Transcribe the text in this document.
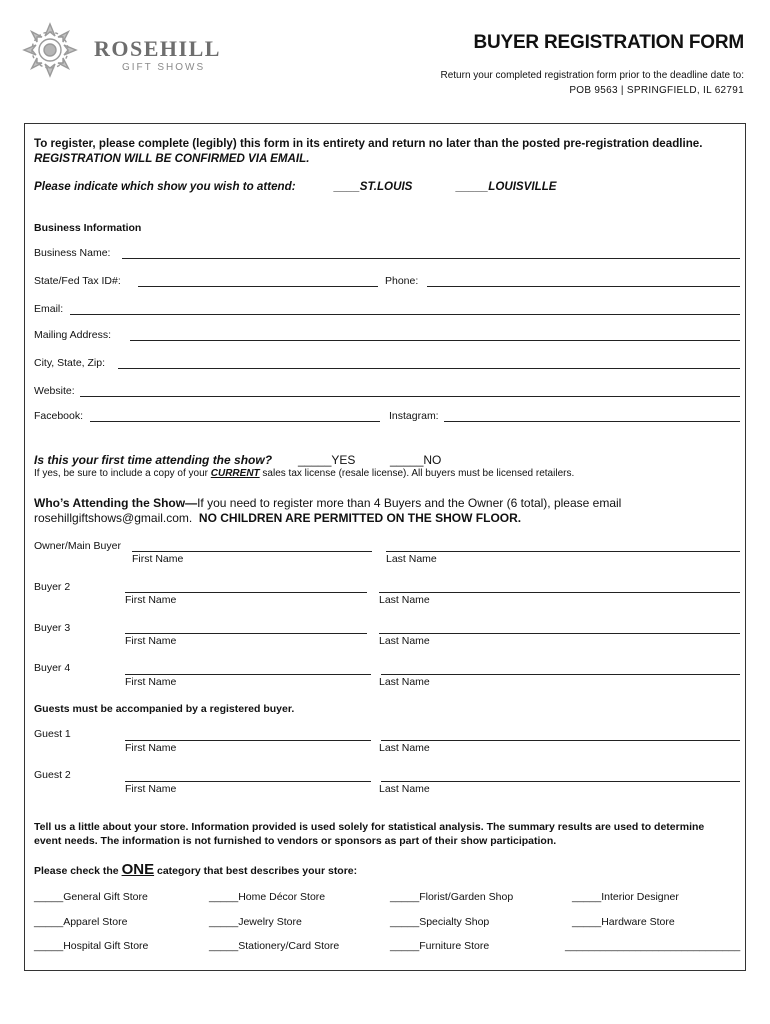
ROSEHILL
GIFT SHOWS
BUYER REGISTRATION FORM
Return your completed registration form prior to the deadline date to:
POB 9563 | SPRINGFIELD, IL 62791
To register, please complete (legibly) this form in its entirety and return no later than the posted pre-registration deadline.    REGISTRATION WILL BE CONFIRMED VIA EMAIL.
Please indicate which show you wish to attend:	____ST.LOUIS	_____LOUISVILLE
Business Information
Business Name:
State/Fed Tax ID#:	Phone:
Email:
Mailing Address:
City, State, Zip:
Website:
Facebook:	Instagram:
Is this your first time attending the show? _____YES	_____NO
If yes, be sure to include a copy of your CURRENT sales tax license (resale license). All buyers must be licensed retailers.
Who’s Attending the Show—If you need to register more than 4 Buyers and the Owner (6 total), please email rosehillgiftshows@gmail.com. NO CHILDREN ARE PERMITTED ON THE SHOW FLOOR.
Owner/Main Buyer
First Name	Last Name
Buyer 2
First Name	Last Name
Buyer 3
First Name	Last Name
Buyer 4
First Name	Last Name
Guests must be accompanied by a registered buyer.
Guest 1
First Name	Last Name
Guest 2
First Name	Last Name
Tell us a little about your store. Information provided is used solely for statistical analysis. The summary results are used to determine event needs. The information is not furnished to vendors or sponsors as part of their show participation.
Please check the ONE category that best describes your store:
_____General Gift Store	_____Home Décor Store	_____Florist/Garden Shop	_____Interior Designer
_____Apparel Store	_____Jewelry Store	_____Specialty Shop	_____Hardware Store
_____Hospital Gift Store	_____Stationery/Card Store	_____Furniture Store	______________________________
